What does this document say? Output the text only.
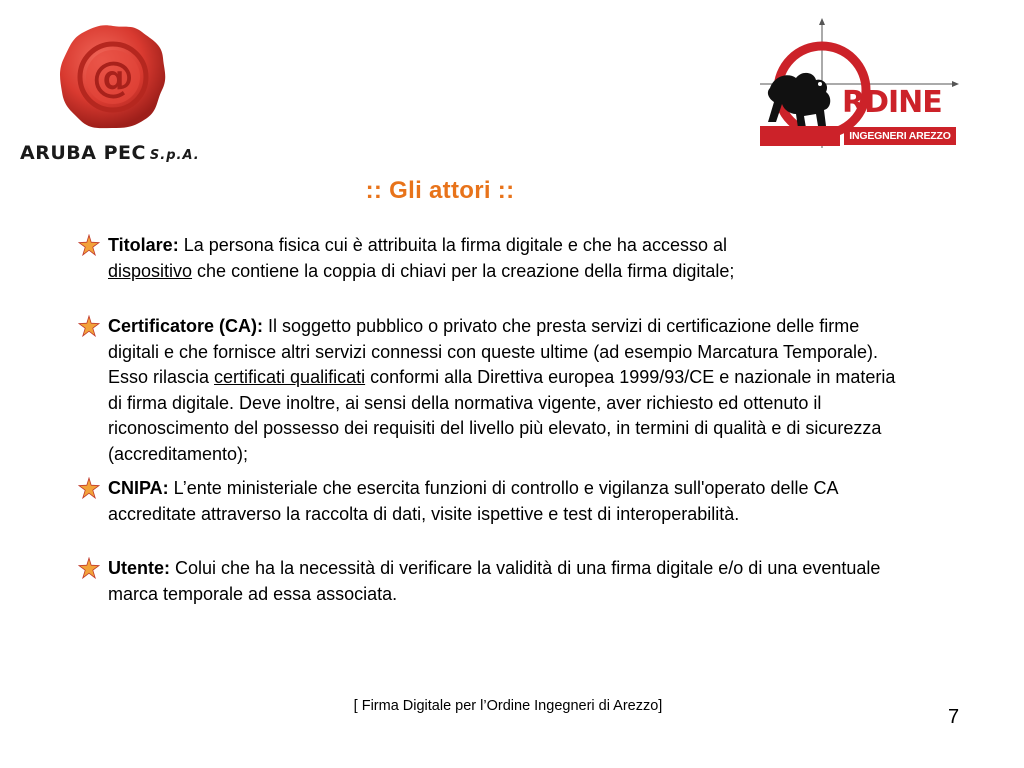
@
ARUBA PEC S.p.A.
RDINE
INGEGNERI AREZZO
:: Gli attori ::
Titolare: La persona fisica cui è attribuita la firma digitale e che ha accesso al dispositivo che contiene la coppia di chiavi per la creazione della firma digitale;
Certificatore (CA): Il soggetto pubblico o privato che presta servizi di certificazione delle firme digitali e che fornisce altri servizi connessi con queste ultime (ad esempio Marcatura Temporale). Esso rilascia certificati qualificati conformi alla Direttiva europea 1999/93/CE e nazionale in materia di firma digitale. Deve inoltre, ai sensi della normativa vigente, aver richiesto ed ottenuto il riconoscimento del possesso dei requisiti del livello più elevato, in termini di qualità e di sicurezza (accreditamento);
CNIPA: L’ente ministeriale che esercita funzioni di controllo e vigilanza sull'operato delle CA accreditate attraverso la raccolta di dati, visite ispettive e test di interoperabilità.
Utente: Colui che ha la necessità di verificare la validità di una firma digitale e/o di una eventuale marca temporale ad essa associata.
[ Firma Digitale per l’Ordine Ingegneri di Arezzo]	7
